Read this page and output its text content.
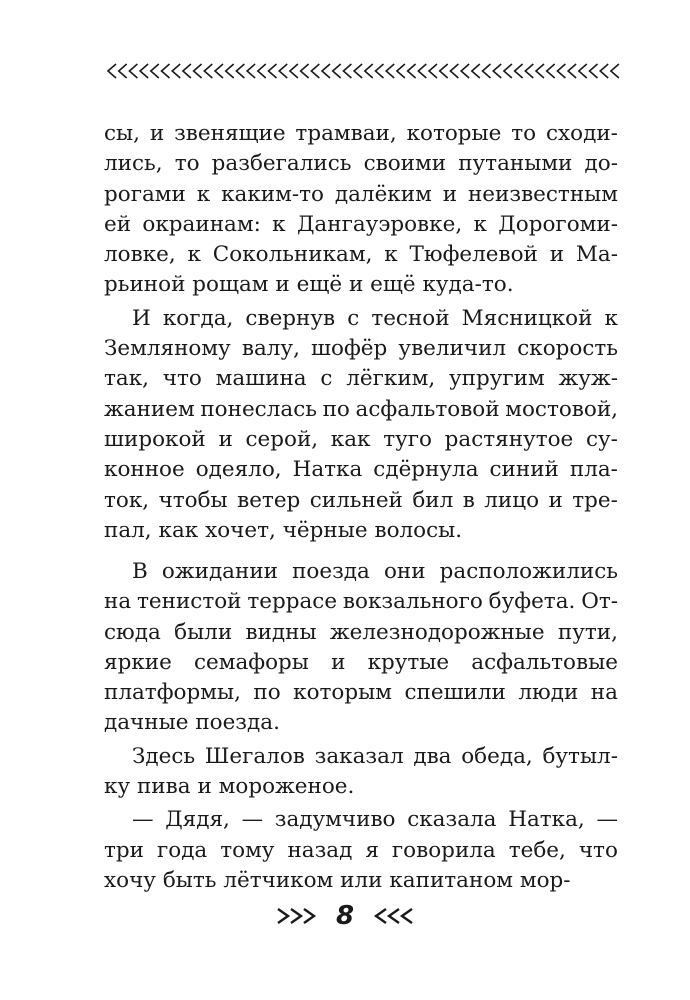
сы, и звенящие трамваи, которые то сходи-
лись, то разбегались своими путаными до-
рогами к каким-то далёким и неизвестным
ей окраинам: к Дангауэровке, к Дорогоми-
ловке, к Сокольникам, к Тюфелевой и Ма-
рьиной рощам и ещё и ещё куда-то.
И когда, свернув с тесной Мясницкой к
Земляному валу, шофёр увеличил скорость
так, что машина с лёгким, упругим жуж-
жанием понеслась по асфальтовой мостовой,
широкой и серой, как туго растянутое су-
конное одеяло, Натка сдёрнула синий пла-
ток, чтобы ветер сильней бил в лицо и тре-
пал, как хочет, чёрные волосы.
В ожидании поезда они расположились
на тенистой террасе вокзального буфета. От-
сюда были видны железнодорожные пути,
яркие семафоры и крутые асфальтовые
платформы, по которым спешили люди на
дачные поезда.
Здесь Шегалов заказал два обеда, бутыл-
ку пива и мороженое.
— Дядя, — задумчиво сказала Натка, —
три года тому назад я говорила тебе, что
хочу быть лётчиком или капитаном мор-
8
